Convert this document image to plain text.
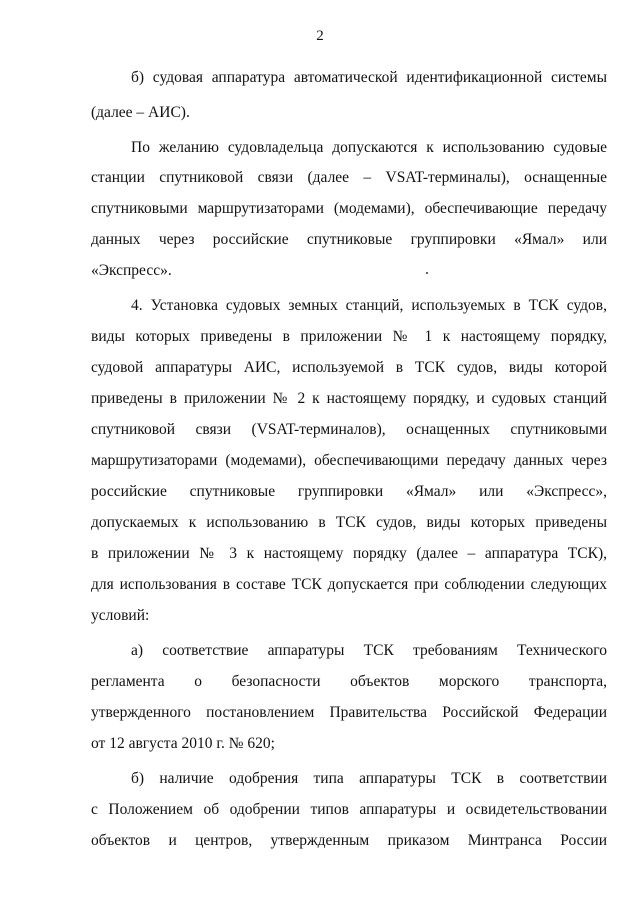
2
б) судовая аппаратура автоматической идентификационной системы
(далее – АИС).
По желанию судовладельца допускаются к использованию судовые
станции спутниковой связи (далее – VSAT-терминалы), оснащенные
спутниковыми маршрутизаторами (модемами), обеспечивающие передачу
данных через российские спутниковые группировки «Ямал» или
«Экспресс».
4. Установка судовых земных станций, используемых в ТСК судов,
виды которых приведены в приложении № 1 к настоящему порядку,
судовой аппаратуры АИС, используемой в ТСК судов, виды которой
приведены в приложении № 2 к настоящему порядку, и судовых станций
спутниковой связи (VSAT-терминалов), оснащенных спутниковыми
маршрутизаторами (модемами), обеспечивающими передачу данных через
российские спутниковые группировки «Ямал» или «Экспресс»,
допускаемых к использованию в ТСК судов, виды которых приведены
в приложении № 3 к настоящему порядку (далее – аппаратура ТСК),
для использования в составе ТСК допускается при соблюдении следующих
условий:
а) соответствие аппаратуры ТСК требованиям Технического
регламента о безопасности объектов морского транспорта,
утвержденного постановлением Правительства Российской Федерации
от 12 августа 2010 г. № 620;
б) наличие одобрения типа аппаратуры ТСК в соответствии
с Положением об одобрении типов аппаратуры и освидетельствовании
объектов и центров, утвержденным приказом Минтранса России
